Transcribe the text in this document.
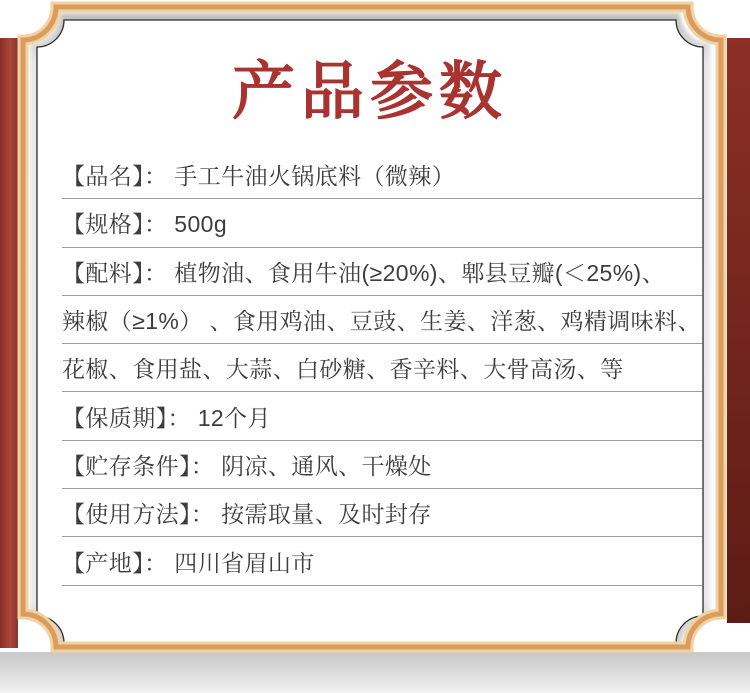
产品参数
【品名】： 手工牛油火锅底料（微辣）
【规格】： 500g
【配料】： 植物油、食用牛油(≥20%)、郫县豆瓣(＜25%)、
辣椒（≥1%） 、食用鸡油、豆豉、生姜、洋葱、鸡精调味料、
花椒、食用盐、大蒜、白砂糖、香辛料、大骨高汤、等
【保质期】： 12个月
【贮存条件】： 阴凉、通风、干燥处
【使用方法】： 按需取量、及时封存
【产地】： 四川省眉山市
